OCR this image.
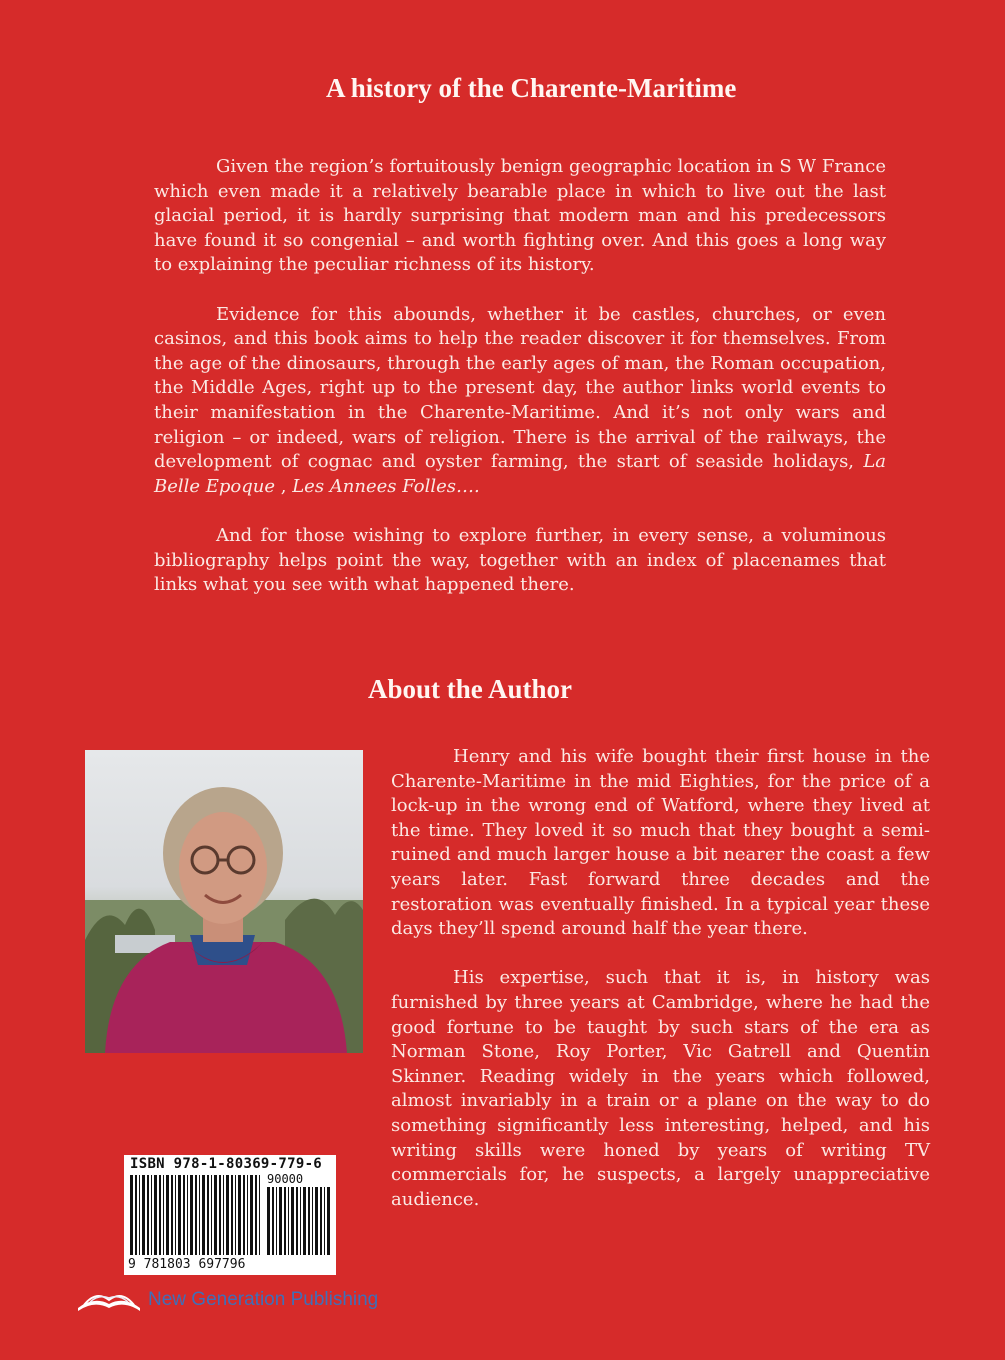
A history of the Charente-Maritime

Given the region’s fortuitously benign geographic location in S W France which even made it a relatively bearable place in which to live out the last glacial period, it is hardly surprising that modern man and his predecessors have found it so congenial – and worth fighting over. And this goes a long way to explaining the peculiar richness of its history.

Evidence for this abounds, whether it be castles, churches, or even casinos, and this book aims to help the reader discover it for themselves. From the age of the dinosaurs, through the early ages of man, the Roman occupation, the Middle Ages, right up to the present day, the author links world events to their manifestation in the Charente-Maritime. And it’s not only wars and religion – or indeed, wars of religion. There is the arrival of the railways, the development of cognac and oyster farming, the start of seaside holidays, La Belle Epoque , Les Annees Folles….

And for those wishing to explore further, in every sense, a voluminous bibliography helps point the way, together with an index of placenames that links what you see with what happened there.

About the Author

Henry and his wife bought their first house in the Charente-Maritime in the mid Eighties, for the price of a lock-up in the wrong end of Watford, where they lived at the time. They loved it so much that they bought a semi-ruined and much larger house a bit nearer the coast a few years later. Fast forward three decades and the restoration was eventually finished. In a typical year these days they’ll spend around half the year there.

His expertise, such that it is, in history was furnished by three years at Cambridge, where he had the good fortune to be taught by such stars of the era as Norman Stone, Roy Porter, Vic Gatrell and Quentin Skinner. Reading widely in the years which followed, almost invariably in a train or a plane on the way to do something significantly less interesting, helped, and his writing skills were honed by years of writing TV commercials for, he suspects, a largely unappreciative audience.

ISBN 978-1-80369-779-6
90000
9 781803 697796
New Generation Publishing
